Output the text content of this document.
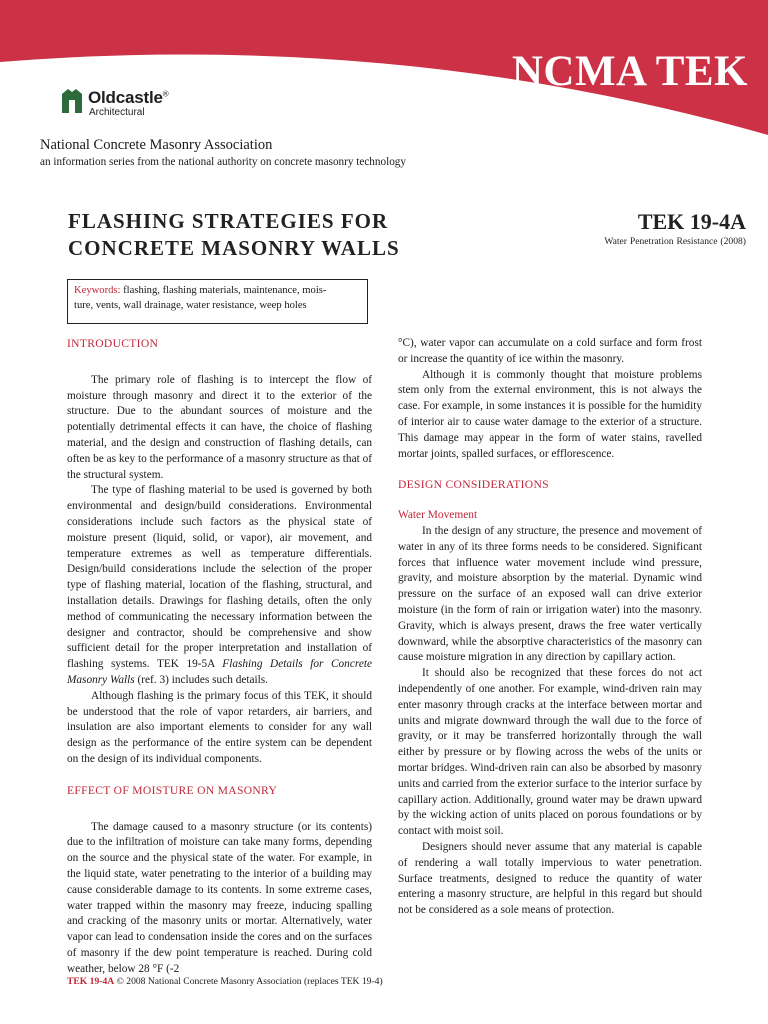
NCMA TEK
Oldcastle®
Architectural
National Concrete Masonry Association
an information series from the national authority on concrete masonry technology
FLASHING STRATEGIES FOR
CONCRETE MASONRY WALLS
TEK 19-4A
Water Penetration Resistance (2008)
Keywords: flashing, flashing materials, maintenance, mois-
ture, vents, wall drainage, water resistance, weep holes
INTRODUCTION

The primary role of flashing is to intercept the flow of moisture through masonry and direct it to the exterior of the structure. Due to the abundant sources of moisture and the potentially detrimental effects it can have, the choice of flashing material, and the design and construction of flashing details, can often be as key to the performance of a masonry structure as that of the structural system.

The type of flashing material to be used is governed by both environmental and design/build considerations. Environmental considerations include such factors as the physical state of moisture present (liquid, solid, or vapor), air movement, and temperature extremes as well as temperature differentials. Design/build considerations include the selection of the proper type of flashing material, location of the flashing, structural, and installation details. Drawings for flashing details, often the only method of communicating the necessary information between the designer and contractor, should be comprehensive and show sufficient detail for the proper interpretation and installation of flashing systems. TEK 19-5A Flashing Details for Concrete Masonry Walls (ref. 3) includes such details.

Although flashing is the primary focus of this TEK, it should be understood that the role of vapor retarders, air barriers, and insulation are also important elements to consider for any wall design as the performance of the entire system can be dependent on the design of its individual components.

EFFECT OF MOISTURE ON MASONRY

The damage caused to a masonry structure (or its contents) due to the infiltration of moisture can take many forms, depending on the source and the physical state of the water. For example, in the liquid state, water penetrating to the interior of a building may cause considerable damage to its contents. In some extreme cases, water trapped within the masonry may freeze, inducing spalling and cracking of the masonry units or mortar. Alternatively, water vapor can lead to condensation inside the cores and on the surfaces of masonry if the dew point temperature is reached. During cold weather, below 28 °F (-2

°C), water vapor can accumulate on a cold surface and form frost or increase the quantity of ice within the masonry.

Although it is commonly thought that moisture problems stem only from the external environment, this is not always the case. For example, in some instances it is possible for the humidity of interior air to cause water damage to the exterior of a structure. This damage may appear in the form of water stains, ravelled mortar joints, spalled surfaces, or efflorescence.

DESIGN CONSIDERATIONS
Water Movement

In the design of any structure, the presence and movement of water in any of its three forms needs to be considered. Significant forces that influence water movement include wind pressure, gravity, and moisture absorption by the material. Dynamic wind pressure on the surface of an exposed wall can drive exterior moisture (in the form of rain or irrigation water) into the masonry. Gravity, which is always present, draws the free water vertically downward, while the absorptive characteristics of the masonry can cause moisture migration in any direction by capillary action.

It should also be recognized that these forces do not act independently of one another. For example, wind-driven rain may enter masonry through cracks at the interface between mortar and units and migrate downward through the wall due to the force of gravity, or it may be transferred horizontally through the wall either by pressure or by flowing across the webs of the units or mortar bridges. Wind-driven rain can also be absorbed by masonry units and carried from the exterior surface to the interior surface by capillary action. Additionally, ground water may be drawn upward by the wicking action of units placed on porous foundations or by contact with moist soil.

Designers should never assume that any material is capable of rendering a wall totally impervious to water penetration. Surface treatments, designed to reduce the quantity of water entering a masonry structure, are helpful in this regard but should not be considered as a sole means of protection.

TEK 19-4A © 2008 National Concrete Masonry Association (replaces TEK 19-4)
